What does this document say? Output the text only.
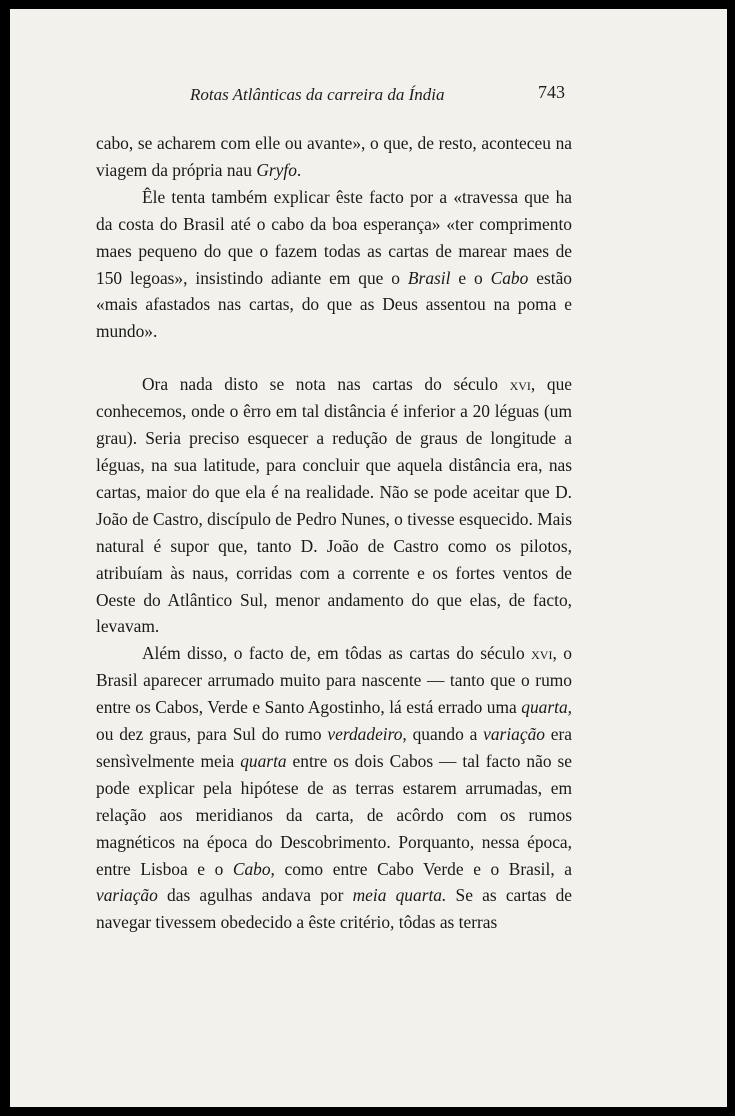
Rotas Atlânticas da carreira da Índia	743

cabo, se acharem com elle ou avante», o que, de resto, aconteceu na viagem da própria nau Gryfo.

Êle tenta também explicar êste facto por a «travessa que ha da costa do Brasil até o cabo da boa esperança» «ter comprimento maes pequeno do que o fazem todas as cartas de marear maes de 150 legoas», insistindo adiante em que o Brasil e o Cabo estão «mais afastados nas cartas, do que as Deus assentou na poma e mundo».

Ora nada disto se nota nas cartas do século xvi, que conhecemos, onde o êrro em tal distância é inferior a 20 léguas (um grau). Seria preciso esquecer a redução de graus de longitude a léguas, na sua latitude, para concluir que aquela distância era, nas cartas, maior do que ela é na realidade. Não se pode aceitar que D. João de Castro, discípulo de Pedro Nunes, o tivesse esquecido. Mais natural é supor que, tanto D. João de Castro como os pilotos, atribuíam às naus, corridas com a corrente e os fortes ventos de Oeste do Atlântico Sul, menor andamento do que elas, de facto, levavam.

Além disso, o facto de, em tôdas as cartas do século xvi, o Brasil aparecer arrumado muito para nascente — tanto que o rumo entre os Cabos, Verde e Santo Agostinho, lá está errado uma quarta, ou dez graus, para Sul do rumo verdadeiro, quando a variação era sensìvelmente meia quarta entre os dois Cabos — tal facto não se pode explicar pela hipótese de as terras estarem arrumadas, em relação aos meridianos da carta, de acôrdo com os rumos magnéticos na época do Descobrimento. Porquanto, nessa época, entre Lisboa e o Cabo, como entre Cabo Verde e o Brasil, a variação das agulhas andava por meia quarta. Se as cartas de navegar tivessem obedecido a êste critério, tôdas as terras
